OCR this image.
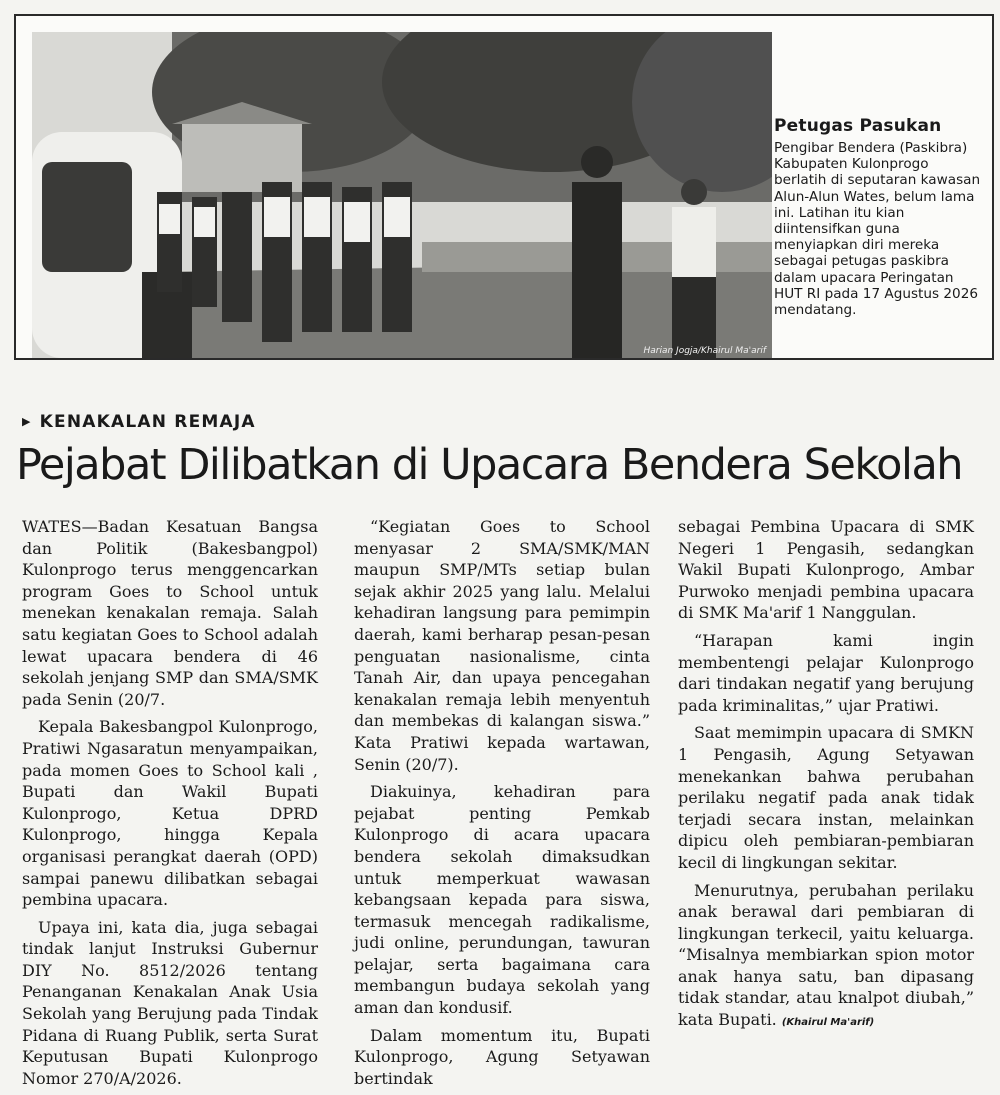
Harian Jogja/Khairul Ma'arif

Petugas Pasukan

Pengibar Bendera (Paskibra) Kabupaten Kulonprogo berlatih di seputaran kawasan Alun-Alun Wates, belum lama ini. Latihan itu kian diintensifkan guna menyiapkan diri mereka sebagai petugas paskibra dalam upacara Peringatan HUT RI pada 17 Agustus 2026 mendatang.

▶ KENAKALAN REMAJA
Pejabat Dilibatkan di Upacara Bendera Sekolah

WATES—Badan Kesatuan Bangsa dan Politik (Bakesbangpol) Kulonprogo terus menggencarkan program Goes to School untuk menekan kenakalan remaja. Salah satu kegiatan Goes to School adalah lewat upacara bendera di 46 sekolah jenjang SMP dan SMA/SMK pada Senin (20/7.

Kepala Bakesbangpol Kulonprogo, Pratiwi Ngasaratun menyampaikan, pada momen Goes to School kali , Bupati dan Wakil Bupati Kulonprogo, Ketua DPRD Kulonprogo, hingga Kepala organisasi perangkat daerah (OPD) sampai panewu dilibatkan sebagai pembina upacara.

Upaya ini, kata dia, juga sebagai tindak lanjut Instruksi Gubernur DIY No. 8512/2026 tentang Penanganan Kenakalan Anak Usia Sekolah yang Berujung pada Tindak Pidana di Ruang Publik, serta Surat Keputusan Bupati Kulonprogo Nomor 270/A/2026.

“Kegiatan Goes to School menyasar 2 SMA/SMK/MAN maupun SMP/MTs setiap bulan sejak akhir 2025 yang lalu. Melalui kehadiran langsung para pemimpin daerah, kami berharap pesan-pesan penguatan nasionalisme, cinta Tanah Air, dan upaya pencegahan kenakalan remaja lebih menyentuh dan membekas di kalangan siswa.” Kata Pratiwi kepada wartawan, Senin (20/7).

Diakuinya, kehadiran para pejabat penting Pemkab Kulonprogo di acara upacara bendera sekolah dimaksudkan untuk memperkuat wawasan kebangsaan kepada para siswa, termasuk mencegah radikalisme, judi online, perundungan, tawuran pelajar, serta bagaimana cara membangun budaya sekolah yang aman dan kondusif.

Dalam momentum itu, Bupati Kulonprogo, Agung Setyawan bertindak

sebagai Pembina Upacara di SMK Negeri 1 Pengasih, sedangkan Wakil Bupati Kulonprogo, Ambar Purwoko menjadi pembina upacara di SMK Ma'arif 1 Nanggulan.

“Harapan kami ingin membentengi pelajar Kulonprogo dari tindakan negatif yang berujung pada kriminalitas,” ujar Pratiwi.

Saat memimpin upacara di SMKN 1 Pengasih, Agung Setyawan menekankan bahwa perubahan perilaku negatif pada anak tidak terjadi secara instan, melainkan dipicu oleh pembiaran-pembiaran kecil di lingkungan sekitar.

Menurutnya, perubahan perilaku anak berawal dari pembiaran di lingkungan terkecil, yaitu keluarga. “Misalnya membiarkan spion motor anak hanya satu, ban dipasang tidak standar, atau knalpot diubah,” kata Bupati. (Khairul Ma'arif)
